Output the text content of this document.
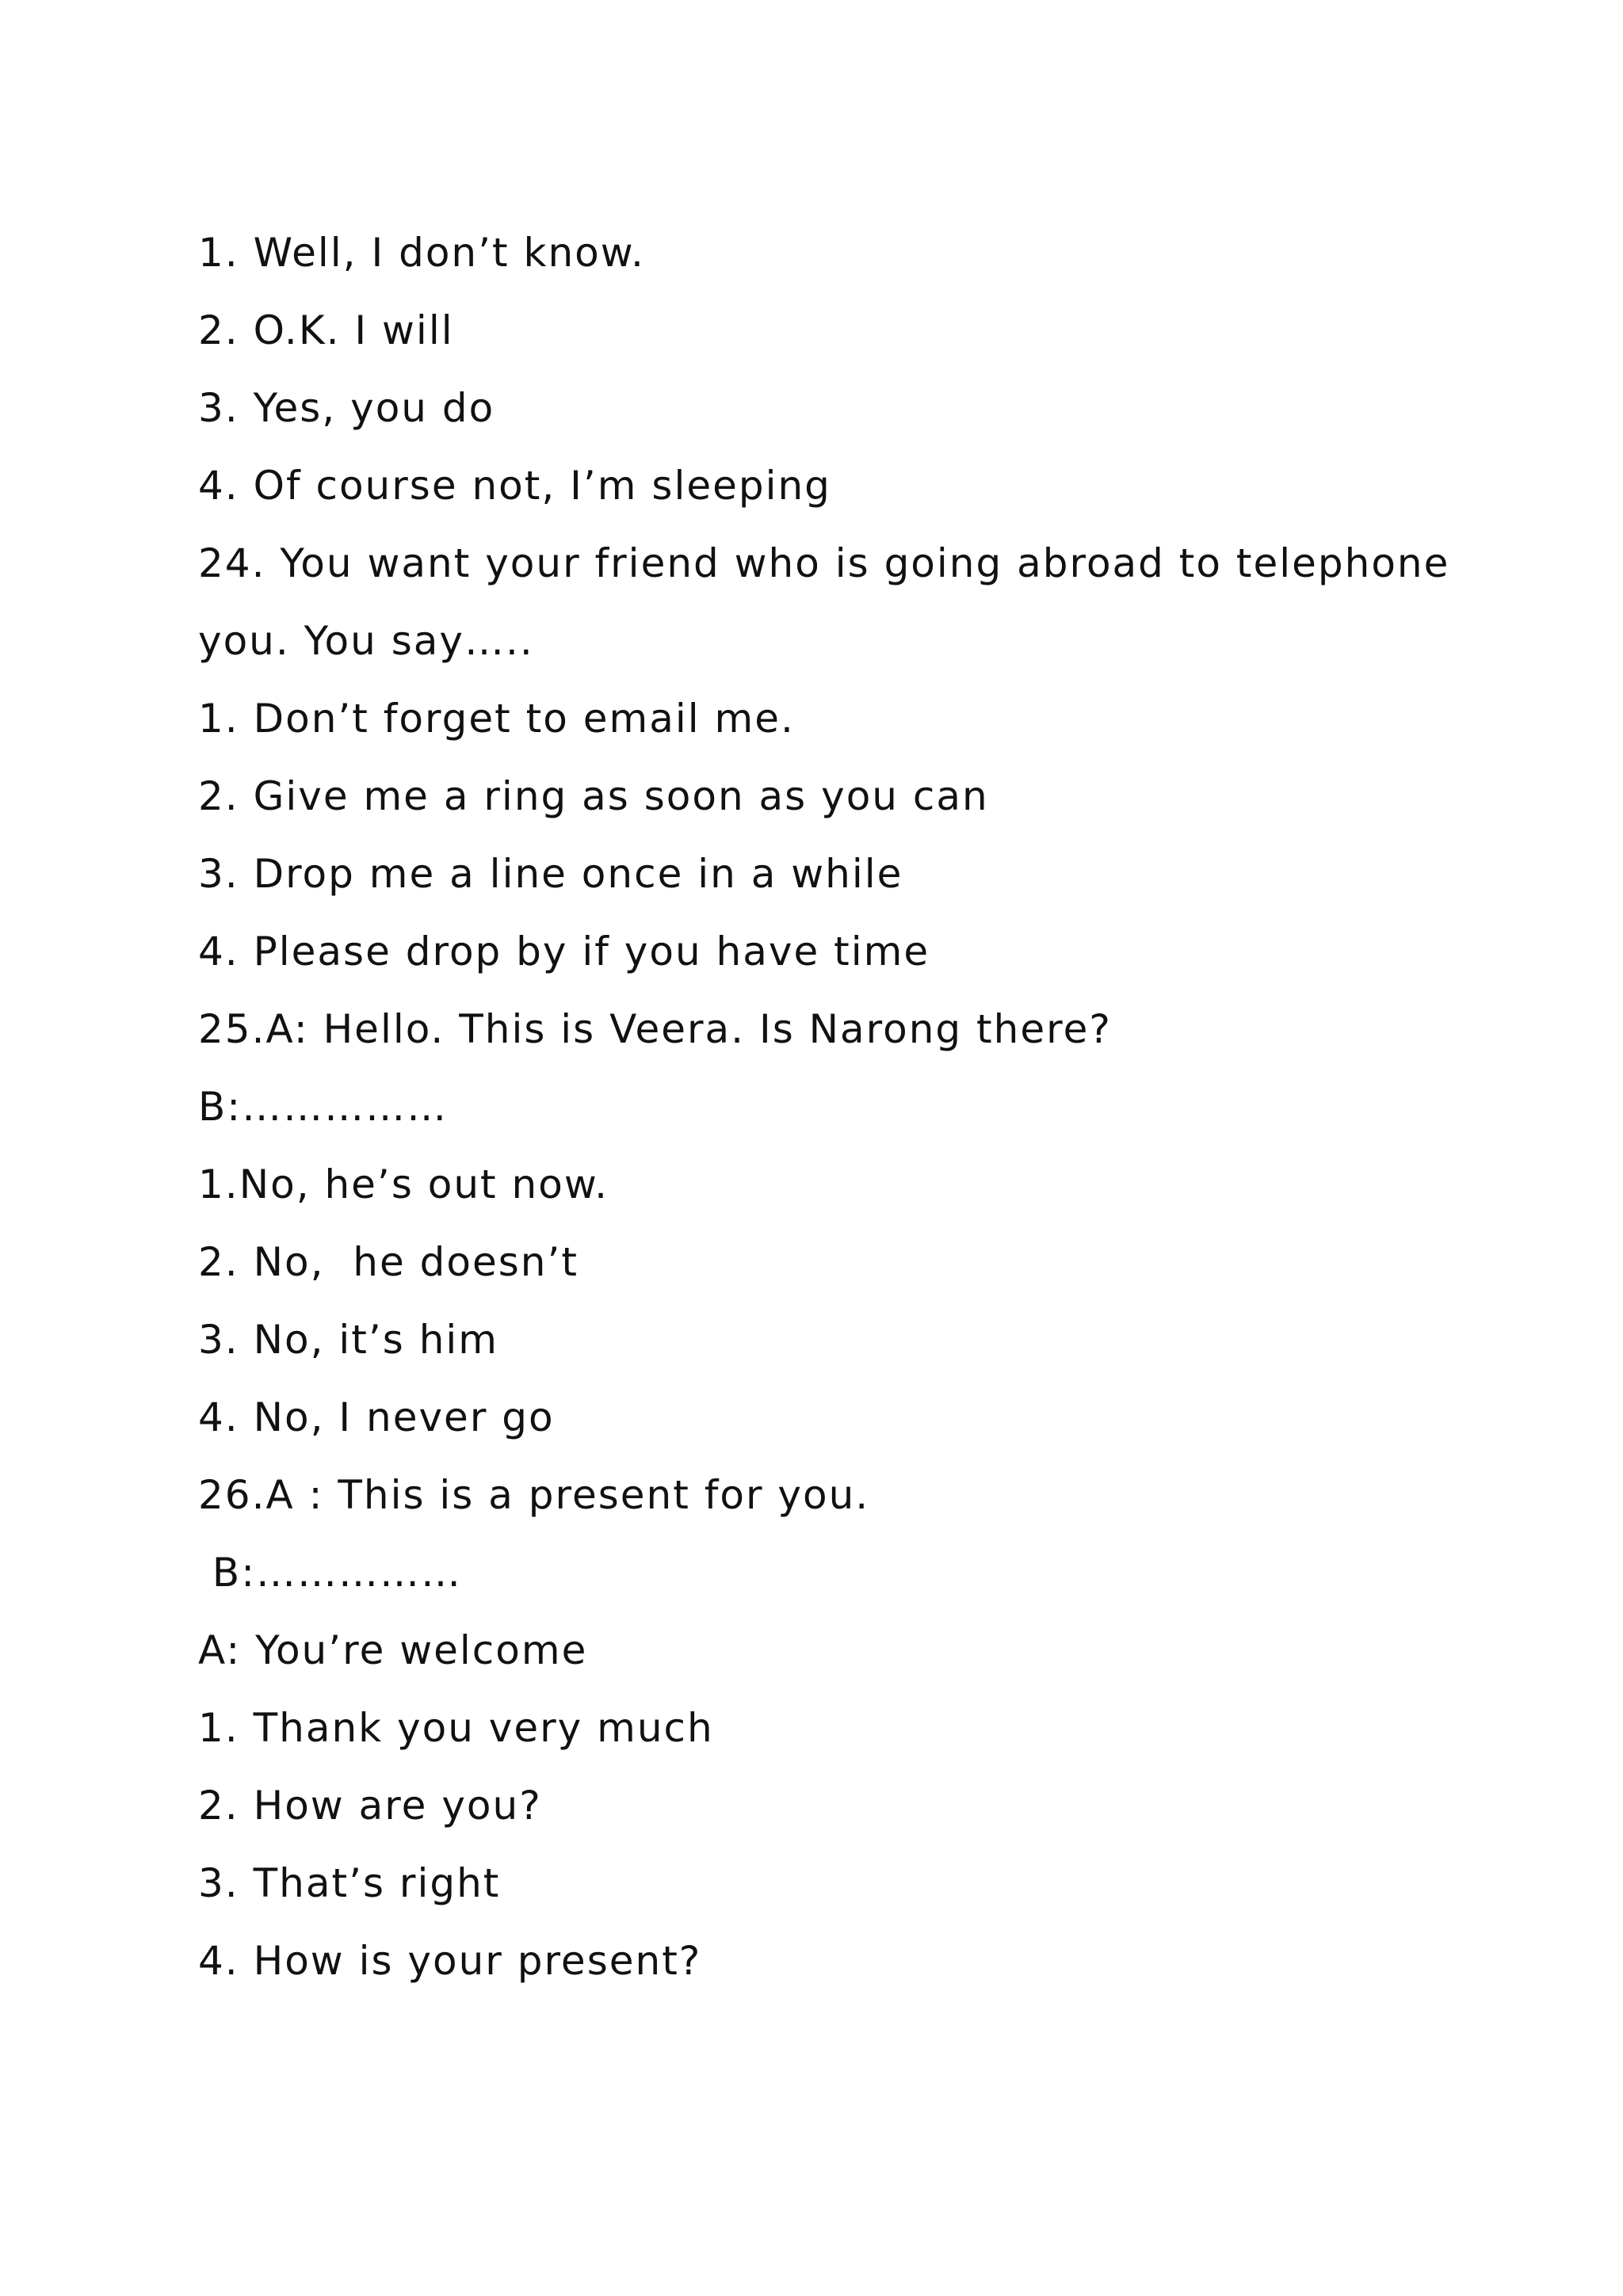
1. Well, I don’t know.
2. O.K. I will
3. Yes, you do
4. Of course not, I’m sleeping
24. You want your friend who is going abroad to telephone
you. You say…..
1. Don’t forget to email me.
2. Give me a ring as soon as you can
3. Drop me a line once in a while
4. Please drop by if you have time
25.A: Hello. This is Veera. Is Narong there?
B:……………
1.No, he’s out now.
2. No,  he doesn’t
3. No, it’s him
4. No, I never go
26.A : This is a present for you.
B:……………
A: You’re welcome
1. Thank you very much
2. How are you?
3. That’s right
4. How is your present?
